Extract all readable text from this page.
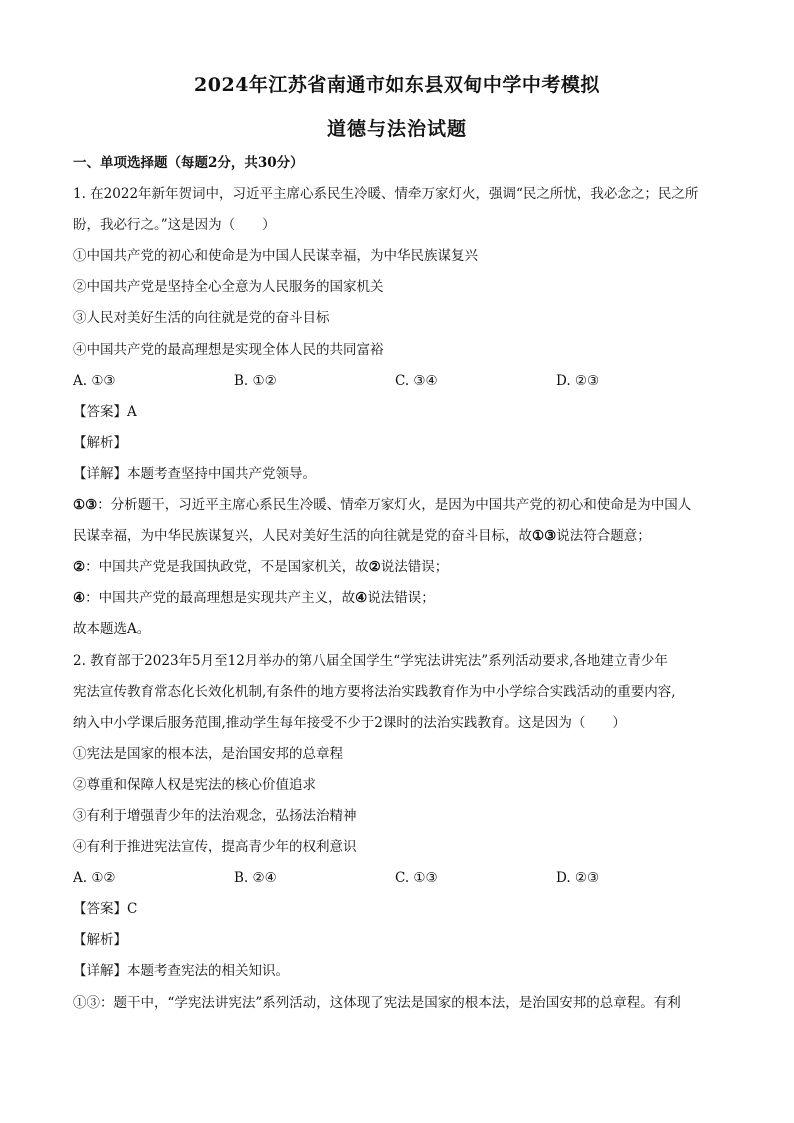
2024年江苏省南通市如东县双甸中学中考模拟
道德与法治试题
一、单项选择题（每题2分，共30分）
1. 在2022年新年贺词中，习近平主席心系民生冷暖、情牵万家灯火，强调“民之所忧，我必念之；民之所
盼，我必行之。”这是因为（　　）
①中国共产党的初心和使命是为中国人民谋幸福，为中华民族谋复兴
②中国共产党是坚持全心全意为人民服务的国家机关
③人民对美好生活的向往就是党的奋斗目标
④中国共产党的最高理想是实现全体人民的共同富裕
A. ①③	B. ①②	C. ③④	D. ②③
【答案】A
【解析】
【详解】本题考查坚持中国共产党领导。
①③：分析题干，习近平主席心系民生冷暖、情牵万家灯火，是因为中国共产党的初心和使命是为中国人
民谋幸福，为中华民族谋复兴，人民对美好生活的向往就是党的奋斗目标，故①③说法符合题意；
②：中国共产党是我国执政党，不是国家机关，故②说法错误；
④：中国共产党的最高理想是实现共产主义，故④说法错误；
故本题选A。
2. 教育部于2023年5月至12月举办的第八届全国学生“学宪法讲宪法”系列活动要求,各地建立青少年
宪法宣传教育常态化长效化机制,有条件的地方要将法治实践教育作为中小学综合实践活动的重要内容,
纳入中小学课后服务范围,推动学生每年接受不少于2课时的法治实践教育。这是因为（　　）
①宪法是国家的根本法，是治国安邦的总章程
②尊重和保障人权是宪法的核心价值追求
③有利于增强青少年的法治观念，弘扬法治精神
④有利于推进宪法宣传，提高青少年的权利意识
A. ①②	B. ②④	C. ①③	D. ②③
【答案】C
【解析】
【详解】本题考查宪法的相关知识。
①③：题干中，“学宪法讲宪法”系列活动，这体现了宪法是国家的根本法，是治国安邦的总章程。有利
